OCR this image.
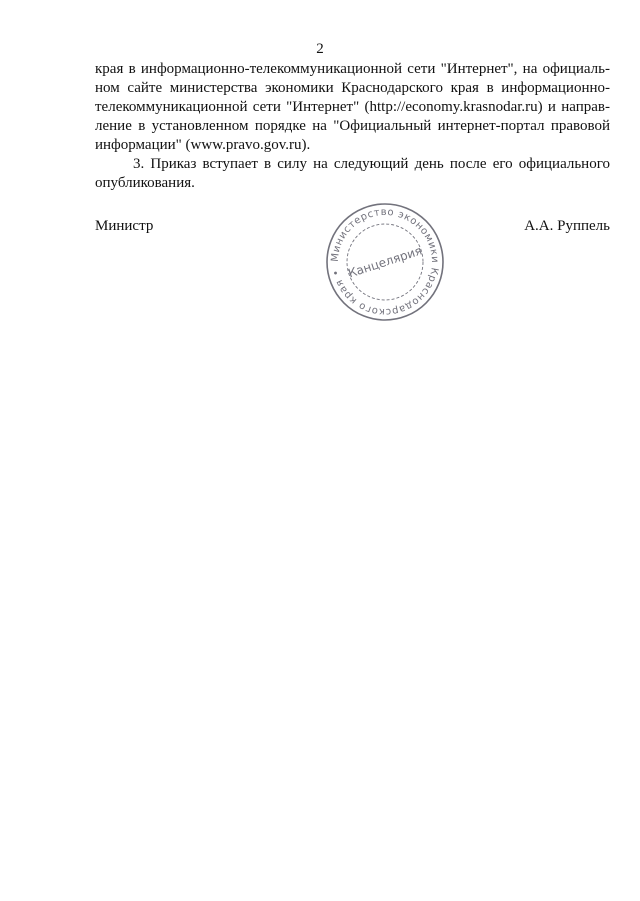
2
края в информационно-телекоммуникационной сети "Интернет", на официаль-
ном сайте министерства экономики Краснодарского края в информационно-
телекоммуникационной сети "Интернет" (http://economy.krasnodar.ru) и направ-
ление в установленном порядке на "Официальный интернет-портал правовой
информации" (www.pravo.gov.ru).
3. Приказ вступает в силу на следующий день после его официального
опубликования.
Министр	А.А. Руппель
Министерство экономики Краснодарского края • Канцелярия
